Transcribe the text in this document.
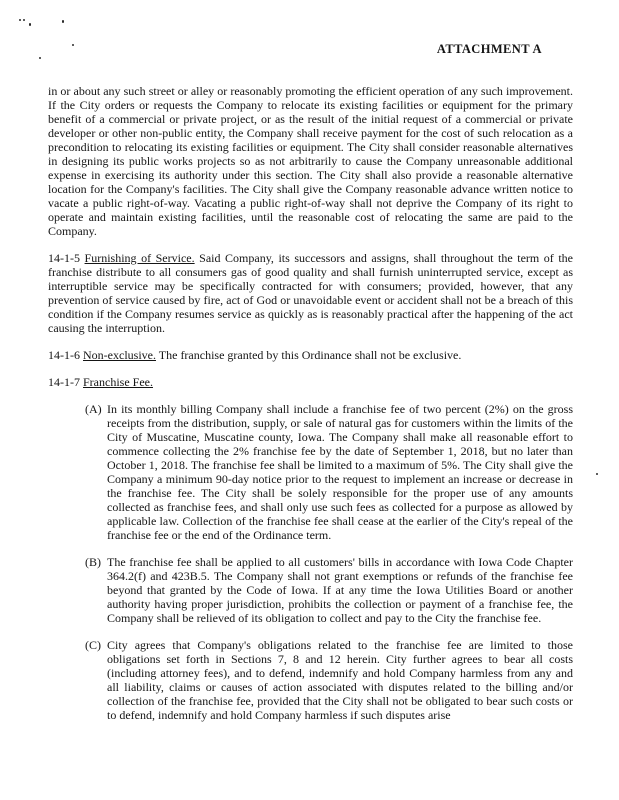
ATTACHMENT A

in or about any such street or alley or reasonably promoting the efficient operation of any such improvement. If the City orders or requests the Company to relocate its existing facilities or equipment for the primary benefit of a commercial or private project, or as the result of the initial request of a commercial or private developer or other non-public entity, the Company shall receive payment for the cost of such relocation as a precondition to relocating its existing facilities or equipment. The City shall consider reasonable alternatives in designing its public works projects so as not arbitrarily to cause the Company unreasonable additional expense in exercising its authority under this section. The City shall also provide a reasonable alternative location for the Company's facilities. The City shall give the Company reasonable advance written notice to vacate a public right-of-way. Vacating a public right-of-way shall not deprive the Company of its right to operate and maintain existing facilities, until the reasonable cost of relocating the same are paid to the Company.

14-1-5 Furnishing of Service. Said Company, its successors and assigns, shall throughout the term of the franchise distribute to all consumers gas of good quality and shall furnish uninterrupted service, except as interruptible service may be specifically contracted for with consumers; provided, however, that any prevention of service caused by fire, act of God or unavoidable event or accident shall not be a breach of this condition if the Company resumes service as quickly as is reasonably practical after the happening of the act causing the interruption.

14-1-6 Non-exclusive. The franchise granted by this Ordinance shall not be exclusive.

14-1-7 Franchise Fee.

(A) In its monthly billing Company shall include a franchise fee of two percent (2%) on the gross receipts from the distribution, supply, or sale of natural gas for customers within the limits of the City of Muscatine, Muscatine county, Iowa. The Company shall make all reasonable effort to commence collecting the 2% franchise fee by the date of September 1, 2018, but no later than October 1, 2018. The franchise fee shall be limited to a maximum of 5%. The City shall give the Company a minimum 90-day notice prior to the request to implement an increase or decrease in the franchise fee. The City shall be solely responsible for the proper use of any amounts collected as franchise fees, and shall only use such fees as collected for a purpose as allowed by applicable law. Collection of the franchise fee shall cease at the earlier of the City's repeal of the franchise fee or the end of the Ordinance term.
(B) The franchise fee shall be applied to all customers' bills in accordance with Iowa Code Chapter 364.2(f) and 423B.5. The Company shall not grant exemptions or refunds of the franchise fee beyond that granted by the Code of Iowa. If at any time the Iowa Utilities Board or another authority having proper jurisdiction, prohibits the collection or payment of a franchise fee, the Company shall be relieved of its obligation to collect and pay to the City the franchise fee.
(C) City agrees that Company's obligations related to the franchise fee are limited to those obligations set forth in Sections 7, 8 and 12 herein. City further agrees to bear all costs (including attorney fees), and to defend, indemnify and hold Company harmless from any and all liability, claims or causes of action associated with disputes related to the billing and/or collection of the franchise fee, provided that the City shall not be obligated to bear such costs or to defend, indemnify and hold Company harmless if such disputes arise
